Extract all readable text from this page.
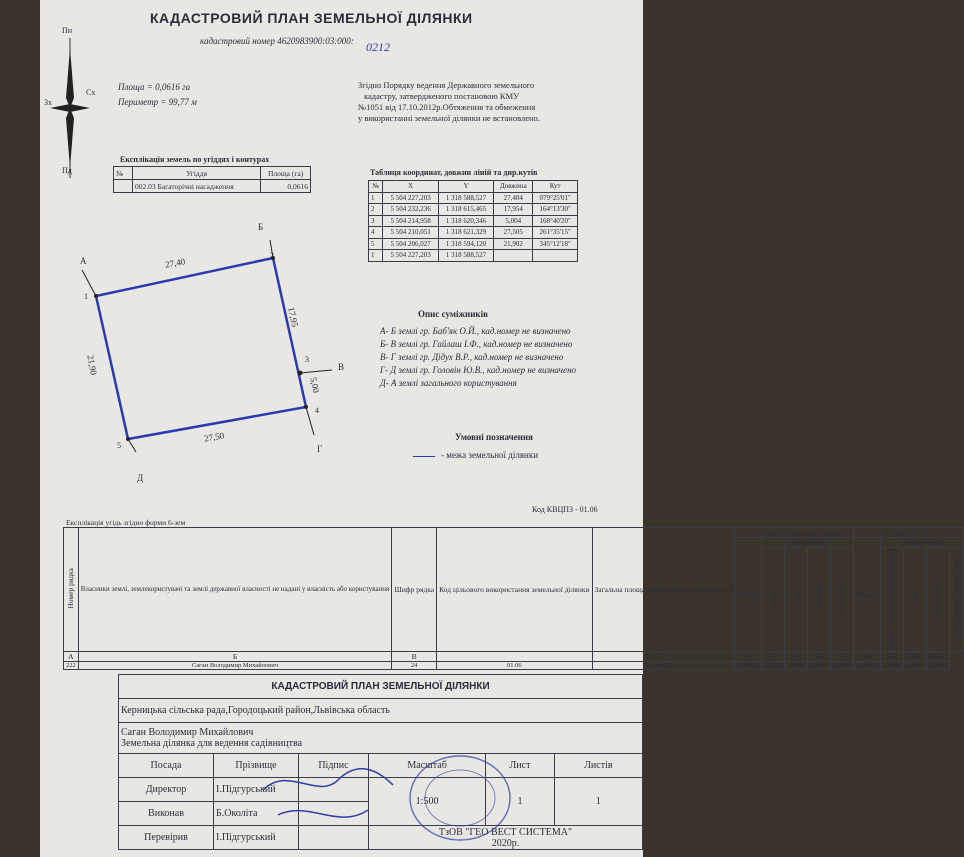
Пн
Зх
Сх
Пд
КАДАСТРОВИЙ ПЛАН ЗЕМЕЛЬНОЇ ДІЛЯНКИ
кадастровий номер 4620983900:03:000: 0212
Площа = 0,0616 га
Периметр = 99,77 м
Згідно Порядку ведення Державного земельного
кадастру, затвердженого постановою КМУ
№1051 від 17.10.2012р.Обтяження та обмеження
у використанні земельної ділянки не встановлено.
Експлікація земель по угіддях і контурах
№	Угіддя	Площа (га)
	002.03 Багаторічні насадження	0,0616
Таблиця координат, довжин ліній та дир.кутів
№	X	Y	Довжина	Кут
1	5 504 227,203	1 318 588,527	27,404	079°25'01"
2	5 504 232,236	1 318 615,465	17,954	164°13'30"
3	5 504 214,958	1 318 620,346	5,004	168°40'20"
4	5 504 210,051	1 318 621,329	27,505	261°35'15"
5	5 504 206,027	1 318 594,120	21,902	345°12'18"
1	5 504 227,203	1 318 588,527		
27,40
17,95
5,00
27,50
21,90
2
3
4
5
1
А
Б
В
Г
Д
Опис суміжників
А- Б землі гр. Баб'як О.Й., кад.номер не визначено
Б- В землі гр. Гайлаш І.Ф., кад.номер не визначено
В- Г землі гр. Дідух В.Р., кад.номер не визначено
Г- Д землі гр. Головін Ю.В., кад.номер не визначено
Д- А землі загального користування
Умовні позначення
- межа земельної ділянки
Код КВЦПЗ - 01.06
Експлікація угідь згідно форми 6-зем
Номер рядка	Власники землі, землекористувачі та землі державної власності не надані у власність або користування	Шифр рядка	Код цільового використання земельної ділянки	Загальна площа земель, всього га гр4+гр34	сільськогосподарські угіддя					забудовані землі				
					Всього	у тому числі				Всього	у тому числі			
						Рілля	сади	сіножаті	пасовища		одно- та двоповерхова забудова	з них	Капітальна	Прибудованою територією
А	Б	В		2	4	5	8	11	12	34	35	35.1	35.3	
222	Саган Володимир Михайлович	24	01.06	0,0616	0,0616	0,0000	0,0616	0,0000	0,0000	0,0000	0,0000	0,0000	0,0000	
КАДАСТРОВИЙ ПЛАН ЗЕМЕЛЬНОЇ ДІЛЯНКИ					
Керницька сільська рада,Городоцький район,Львівська область					

Саган Володимир Михайлович
Земельна ділянка для ведення садівництва					

Посада	Прізвище	Підпис	Масштаб	Лист	Листів
Директор	І.Підгурський		1:500	1	1
Виконав	Б.Околіта				
Перевірив	І.Підгурський		ТзОВ "ГЕО ВЕСТ СИСТЕМА"
2020р.		
